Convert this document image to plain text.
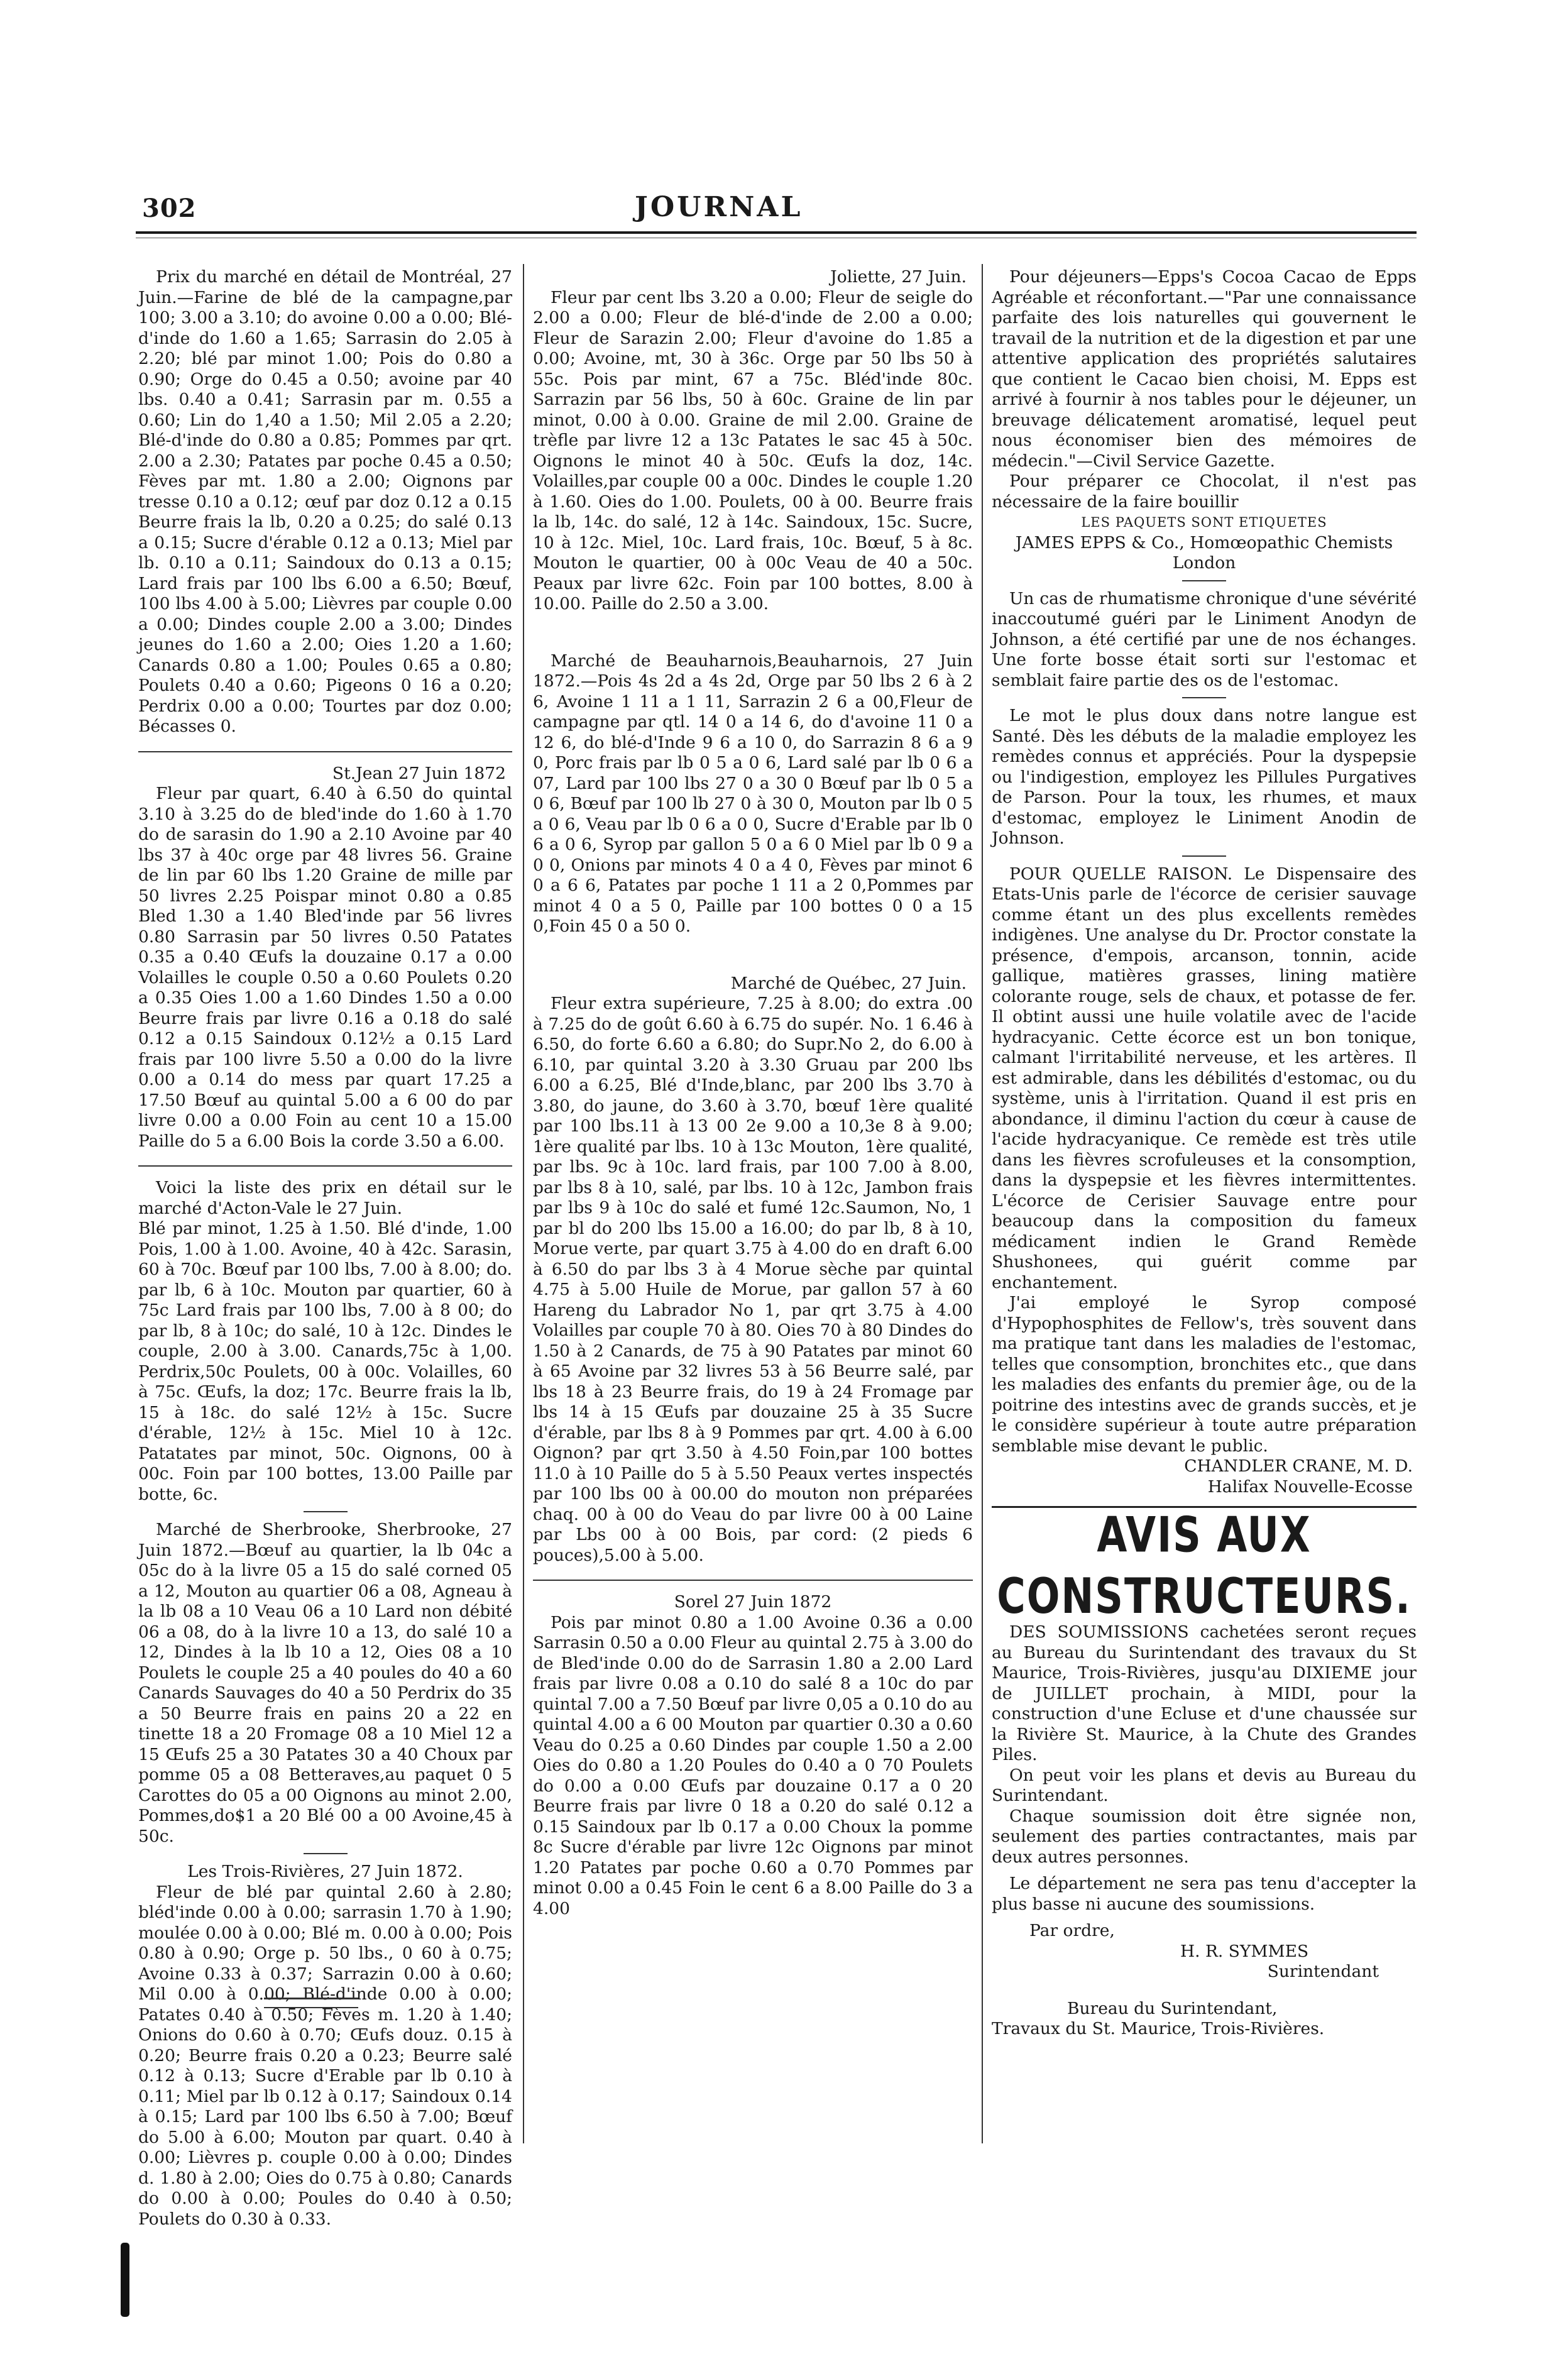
302	JOURNAL

Prix du marché en détail de Montréal, 27 Juin.—Farine de blé de la campagne,par 100; 3.00 a 3.10; do avoine 0.00 a 0.00; Blé-d'inde do 1.60 a 1.65; Sarrasin do 2.05 à 2.20; blé par minot 1.00; Pois do 0.80 a 0.90; Orge do 0.45 a 0.50; avoine par 40 lbs. 0.40 a 0.41; Sarrasin par m. 0.55 a 0.60; Lin do 1,40 a 1.50; Mil 2.05 a 2.20; Blé-d'inde do 0.80 a 0.85; Pommes par qrt. 2.00 a 2.30; Patates par poche 0.45 a 0.50; Fèves par mt. 1.80 a 2.00; Oignons par tresse 0.10 a 0.12; œuf par doz 0.12 a 0.15 Beurre frais la lb, 0.20 a 0.25; do salé 0.13 a 0.15; Sucre d'érable 0.12 a 0.13; Miel par lb. 0.10 a 0.11; Saindoux do 0.13 a 0.15; Lard frais par 100 lbs 6.00 a 6.50; Bœuf, 100 lbs 4.00 à 5.00; Lièvres par couple 0.00 a 0.00; Dindes couple 2.00 a 3.00; Dindes jeunes do 1.60 a 2.00; Oies 1.20 a 1.60; Canards 0.80 a 1.00; Poules 0.65 a 0.80; Poulets 0.40 a 0.60; Pigeons 0 16 a 0.20; Perdrix 0.00 a 0.00; Tourtes par doz 0.00; Bécasses 0.

St.Jean 27 Juin 1872

Fleur par quart, 6.40 à 6.50 do quintal 3.10 à 3.25 do de bled'inde do 1.60 à 1.70 do de sarasin do 1.90 a 2.10 Avoine par 40 lbs 37 à 40c orge par 48 livres 56. Graine de lin par 60 lbs 1.20 Graine de mille par 50 livres 2.25 Poispar minot 0.80 a 0.85 Bled 1.30 a 1.40 Bled'inde par 56 livres 0.80 Sarrasin par 50 livres 0.50 Patates 0.35 a 0.40 Œufs la douzaine 0.17 a 0.00 Volailles le couple 0.50 a 0.60 Poulets 0.20 a 0.35 Oies 1.00 a 1.60 Dindes 1.50 a 0.00 Beurre frais par livre 0.16 a 0.18 do salé 0.12 a 0.15 Saindoux 0.12½ a 0.15 Lard frais par 100 livre 5.50 a 0.00 do la livre 0.00 a 0.14 do mess par quart 17.25 a 17.50 Bœuf au quintal 5.00 a 6 00 do par livre 0.00 a 0.00 Foin au cent 10 a 15.00 Paille do 5 a 6.00 Bois la corde 3.50 a 6.00.

Voici la liste des prix en détail sur le marché d'Acton-Vale le 27 Juin.
Blé par minot, 1.25 à 1.50. Blé d'inde, 1.00 Pois, 1.00 à 1.00. Avoine, 40 à 42c. Sarasin, 60 à 70c. Bœuf par 100 lbs, 7.00 à 8.00; do. par lb, 6 à 10c. Mouton par quartier, 60 à 75c Lard frais par 100 lbs, 7.00 à 8 00; do par lb, 8 à 10c; do salé, 10 à 12c. Dindes le couple, 2.00 à 3.00. Canards,75c à 1,00. Perdrix,50c Poulets, 00 à 00c. Volailles, 60 à 75c. Œufs, la doz; 17c. Beurre frais la lb, 15 à 18c. do salé 12½ à 15c. Sucre d'érable, 12½ à 15c. Miel 10 à 12c. Patatates par minot, 50c. Oignons, 00 à 00c. Foin par 100 bottes, 13.00 Paille par botte, 6c.

Marché de Sherbrooke, Sherbrooke, 27 Juin 1872.—Bœuf au quartier, la lb 04c a 05c do à la livre 05 a 15 do salé corned 05 a 12, Mouton au quartier 06 a 08, Agneau à la lb 08 a 10 Veau 06 a 10 Lard non débité 06 a 08, do à la livre 10 a 13, do salé 10 a 12, Dindes à la lb 10 a 12, Oies 08 a 10 Poulets le couple 25 a 40 poules do 40 a 60 Canards Sauvages do 40 a 50 Perdrix do 35 a 50 Beurre frais en pains 20 a 22 en tinette 18 a 20 Fromage 08 a 10 Miel 12 a 15 Œufs 25 a 30 Patates 30 a 40 Choux par pomme 05 a 08 Betteraves,au paquet 0 5 Carottes do 05 a 00 Oignons au minot 2.00, Pommes,do$1 a 20 Blé 00 a 00 Avoine,45 à 50c.

Les Trois-Rivières, 27 Juin 1872.

Fleur de blé par quintal 2.60 à 2.80; bléd'inde 0.00 à 0.00; sarrasin 1.70 à 1.90; moulée 0.00 à 0.00; Blé m. 0.00 à 0.00; Pois 0.80 à 0.90; Orge p. 50 lbs., 0 60 à 0.75; Avoine 0.33 à 0.37; Sarrazin 0.00 à 0.60; Mil 0.00 à 0.00; Blé-d'inde 0.00 à 0.00; Patates 0.40 à 0.50; Fèves m. 1.20 à 1.40; Onions do 0.60 à 0.70; Œufs douz. 0.15 à 0.20; Beurre frais 0.20 a 0.23; Beurre salé 0.12 à 0.13; Sucre d'Erable par lb 0.10 à 0.11; Miel par lb 0.12 à 0.17; Saindoux 0.14 à 0.15; Lard par 100 lbs 6.50 à 7.00; Bœuf do 5.00 à 6.00; Mouton par quart. 0.40 à 0.00; Lièvres p. couple 0.00 à 0.00; Dindes d. 1.80 à 2.00; Oies do 0.75 à 0.80; Canards do 0.00 à 0.00; Poules do 0.40 à 0.50; Poulets do 0.30 à 0.33.

Joliette, 27 Juin.

Fleur par cent lbs 3.20 a 0.00; Fleur de seigle do 2.00 a 0.00; Fleur de blé-d'inde de 2.00 a 0.00; Fleur de Sarazin 2.00; Fleur d'avoine do 1.85 a 0.00; Avoine, mt, 30 à 36c. Orge par 50 lbs 50 à 55c. Pois par mint, 67 a 75c. Bléd'inde 80c. Sarrazin par 56 lbs, 50 à 60c. Graine de lin par minot, 0.00 à 0.00. Graine de mil 2.00. Graine de trèfle par livre 12 a 13c Patates le sac 45 à 50c. Oignons le minot 40 à 50c. Œufs la doz, 14c. Volailles,par couple 00 a 00c. Dindes le couple 1.20 à 1.60. Oies do 1.00. Poulets, 00 à 00. Beurre frais la lb, 14c. do salé, 12 à 14c. Saindoux, 15c. Sucre, 10 à 12c. Miel, 10c. Lard frais, 10c. Bœuf, 5 à 8c. Mouton le quartier, 00 à 00c Veau de 40 a 50c. Peaux par livre 62c. Foin par 100 bottes, 8.00 à 10.00. Paille do 2.50 a 3.00.

Marché de Beauharnois,Beauharnois, 27 Juin 1872.—Pois 4s 2d a 4s 2d, Orge par 50 lbs 2 6 à 2 6, Avoine 1 11 a 1 11, Sarrazin 2 6 a 00,Fleur de campagne par qtl. 14 0 a 14 6, do d'avoine 11 0 a 12 6, do blé-d'Inde 9 6 a 10 0, do Sarrazin 8 6 a 9 0, Porc frais par lb 0 5 a 0 6, Lard salé par lb 0 6 a 07, Lard par 100 lbs 27 0 a 30 0 Bœuf par lb 0 5 a 0 6, Bœuf par 100 lb 27 0 à 30 0, Mouton par lb 0 5 a 0 6, Veau par lb 0 6 a 0 0, Sucre d'Erable par lb 0 6 a 0 6, Syrop par gallon 5 0 a 6 0 Miel par lb 0 9 a 0 0, Onions par minots 4 0 a 4 0, Fèves par minot 6 0 a 6 6, Patates par poche 1 11 a 2 0,Pommes par minot 4 0 a 5 0, Paille par 100 bottes 0 0 a 15 0,Foin 45 0 a 50 0.

Marché de Québec, 27 Juin.

Fleur extra supérieure, 7.25 à 8.00; do extra .00 à 7.25 do de goût 6.60 à 6.75 do supér. No. 1 6.46 à 6.50, do forte 6.60 a 6.80; do Supr.No 2, do 6.00 à 6.10, par quintal 3.20 à 3.30 Gruau par 200 lbs 6.00 a 6.25, Blé d'Inde,blanc, par 200 lbs 3.70 à 3.80, do jaune, do 3.60 à 3.70, bœuf 1ère qualité par 100 lbs.11 à 13 00 2e 9.00 a 10,3e 8 à 9.00; 1ère qualité par lbs. 10 à 13c Mouton, 1ère qualité, par lbs. 9c à 10c. lard frais, par 100 7.00 à 8.00, par lbs 8 à 10, salé, par lbs. 10 à 12c, Jambon frais par lbs 9 à 10c do salé et fumé 12c.Saumon, No, 1 par bl do 200 lbs 15.00 a 16.00; do par lb, 8 à 10, Morue verte, par quart 3.75 à 4.00 do en draft 6.00 à 6.50 do par lbs 3 à 4 Morue sèche par quintal 4.75 à 5.00 Huile de Morue, par gallon 57 à 60 Hareng du Labrador No 1, par qrt 3.75 à 4.00 Volailles par couple 70 à 80. Oies 70 à 80 Dindes do 1.50 à 2 Canards, de 75 à 90 Patates par minot 60 à 65 Avoine par 32 livres 53 à 56 Beurre salé, par lbs 18 à 23 Beurre frais, do 19 à 24 Fromage par lbs 14 à 15 Œufs par douzaine 25 à 35 Sucre d'érable, par lbs 8 à 9 Pommes par qrt. 4.00 à 6.00 Oignon? par qrt 3.50 à 4.50 Foin,par 100 bottes 11.0 à 10 Paille do 5 à 5.50 Peaux vertes inspectés par 100 lbs 00 à 00.00 do mouton non préparées chaq. 00 à 00 do Veau do par livre 00 à 00 Laine par Lbs 00 à 00 Bois, par cord: (2 pieds 6 pouces),5.00 à 5.00.

Sorel 27 Juin 1872

Pois par minot 0.80 a 1.00 Avoine 0.36 a 0.00 Sarrasin 0.50 a 0.00 Fleur au quintal 2.75 à 3.00 do de Bled'inde 0.00 do de Sarrasin 1.80 a 2.00 Lard frais par livre 0.08 a 0.10 do salé 8 a 10c do par quintal 7.00 a 7.50 Bœuf par livre 0,05 a 0.10 do au quintal 4.00 a 6 00 Mouton par quartier 0.30 a 0.60 Veau do 0.25 a 0.60 Dindes par couple 1.50 a 2.00 Oies do 0.80 a 1.20 Poules do 0.40 a 0 70 Poulets do 0.00 a 0.00 Œufs par douzaine 0.17 a 0 20 Beurre frais par livre 0 18 a 0.20 do salé 0.12 a 0.15 Saindoux par lb 0.17 a 0.00 Choux la pomme 8c Sucre d'érable par livre 12c Oignons par minot 1.20 Patates par poche 0.60 a 0.70 Pommes par minot 0.00 a 0.45 Foin le cent 6 a 8.00 Paille do 3 a 4.00

Pour déjeuners—Epps's Cocoa Cacao de Epps Agréable et réconfortant.—"Par une connaissance parfaite des lois naturelles qui gouvernent le travail de la nutrition et de la digestion et par une attentive application des propriétés salutaires que contient le Cacao bien choisi, M. Epps est arrivé à fournir à nos tables pour le déjeuner, un breuvage délicatement aromatisé, lequel peut nous économiser bien des mémoires de médecin."—Civil Service Gazette.

Pour préparer ce Chocolat, il n'est pas nécessaire de la faire bouillir

LES PAQUETS SONT ETIQUETES

JAMES EPPS & Co., Homœopathic Chemists

London

Un cas de rhumatisme chronique d'une sévérité inaccoutumé guéri par le Liniment Anodyn de Johnson, a été certifié par une de nos échanges. Une forte bosse était sorti sur l'estomac et semblait faire partie des os de l'estomac.

Le mot le plus doux dans notre langue est Santé. Dès les débuts de la maladie employez les remèdes connus et appréciés. Pour la dyspepsie ou l'indigestion, employez les Pillules Purgatives de Parson. Pour la toux, les rhumes, et maux d'estomac, employez le Liniment Anodin de Johnson.

POUR QUELLE RAISON. Le Dispensaire des Etats-Unis parle de l'écorce de cerisier sauvage comme étant un des plus excellents remèdes indigènes. Une analyse du Dr. Proctor constate la présence, d'empois, arcanson, tonnin, acide gallique, matières grasses, lining matière colorante rouge, sels de chaux, et potasse de fer. Il obtint aussi une huile volatile avec de l'acide hydracyanic. Cette écorce est un bon tonique, calmant l'irritabilité nerveuse, et les artères. Il est admirable, dans les débilités d'estomac, ou du système, unis à l'irritation. Quand il est pris en abondance, il diminu l'action du cœur à cause de l'acide hydracyanique. Ce remède est très utile dans les fièvres scrofuleuses et la consomption, dans la dyspepsie et les fièvres intermittentes. L'écorce de Cerisier Sauvage entre pour beaucoup dans la composition du fameux médicament indien le Grand Remède Shushonees, qui guérit comme par enchantement.

J'ai employé le Syrop composé d'Hypophosphites de Fellow's, très souvent dans ma pratique tant dans les maladies de l'estomac, telles que consomption, bronchites etc., que dans les maladies des enfants du premier âge, ou de la poitrine des intestins avec de grands succès, et je le considère supérieur à toute autre préparation semblable mise devant le public.

CHANDLER CRANE, M. D.

Halifax Nouvelle-Ecosse

AVIS AUX CONSTRUCTEURS.

DES SOUMISSIONS cachetées seront reçues au Bureau du Surintendant des travaux du St Maurice, Trois-Rivières, jusqu'au DIXIEME jour de JUILLET prochain, à MIDI, pour la construction d'une Ecluse et d'une chaussée sur la Rivière St. Maurice, à la Chute des Grandes Piles.

On peut voir les plans et devis au Bureau du Surintendant.

Chaque soumission doit être signée non, seulement des parties contractantes, mais par deux autres personnes.

Le département ne sera pas tenu d'accepter la plus basse ni aucune des soumissions.

Par ordre,

H. R. SYMMES

Surintendant

Bureau du Surintendant,

Travaux du St. Maurice, Trois-Rivières.
